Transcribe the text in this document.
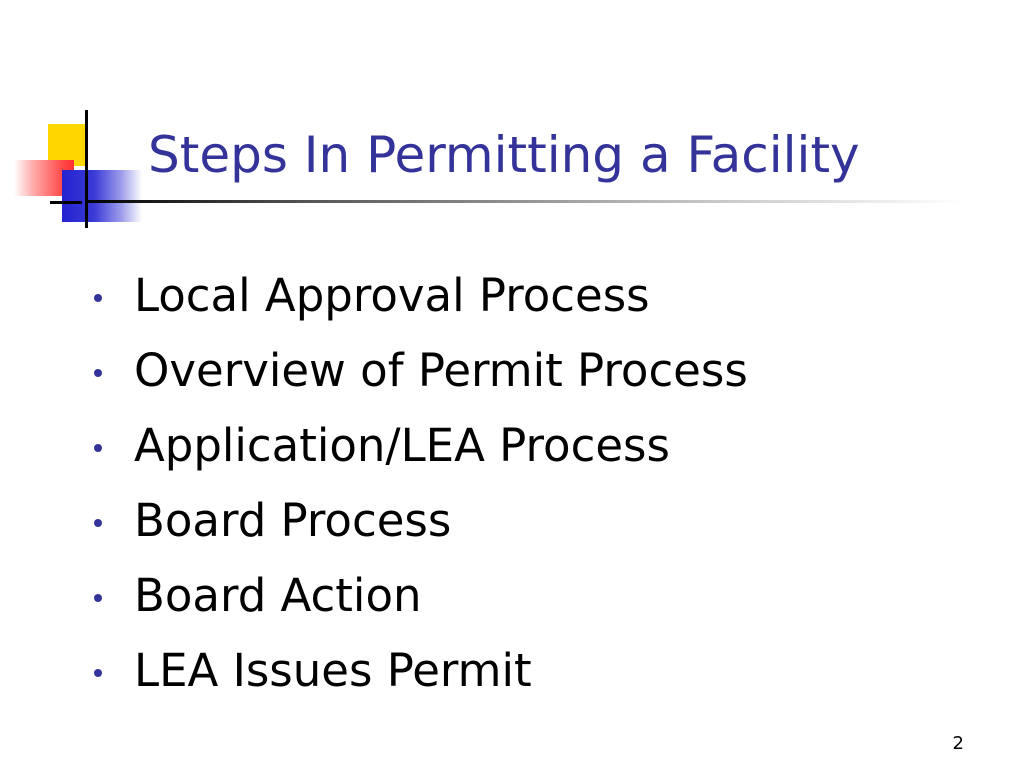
Steps In Permitting a Facility
Local Approval Process
Overview of Permit Process
Application/LEA Process
Board Process
Board Action
LEA Issues Permit
2
